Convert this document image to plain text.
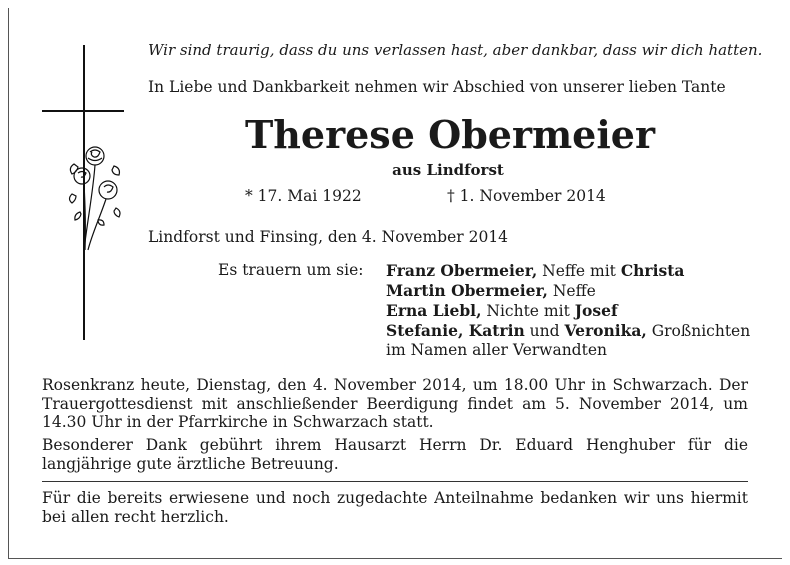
Wir sind traurig, dass du uns verlassen hast, aber dankbar, dass wir dich hatten.
In Liebe und Dankbarkeit nehmen wir Abschied von unserer lieben Tante
Therese Obermeier
aus Lindforst
* 17. Mai 1922	† 1. November 2014
Lindforst und Finsing, den 4. November 2014
Es trauern um sie: Franz Obermeier, Neffe mit Christa
Martin Obermeier, Neffe
Erna Liebl, Nichte mit Josef
Stefanie, Katrin und Veronika, Großnichten
im Namen aller Verwandten
Rosenkranz heute, Dienstag, den 4. November 2014, um 18.00 Uhr in Schwarzach. Der Trauergottesdienst mit anschließender Beerdigung findet am 5. November 2014, um 14.30 Uhr in der Pfarrkirche in Schwarzach statt.
Besonderer Dank gebührt ihrem Hausarzt Herrn Dr. Eduard Henghuber für die langjährige gute ärztliche Betreuung.
Für die bereits erwiesene und noch zugedachte Anteilnahme bedanken wir uns hiermit bei allen recht herzlich.
